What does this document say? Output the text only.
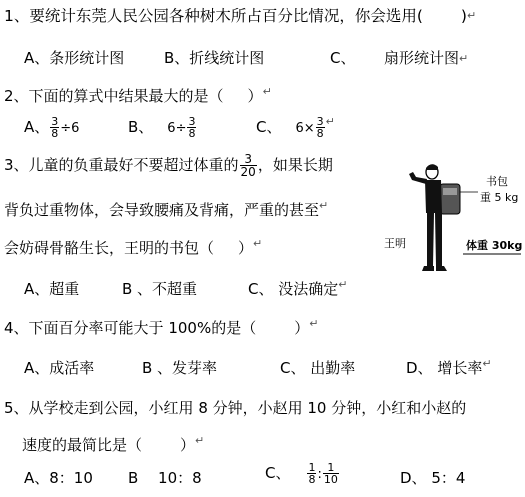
1、要统计东莞人民公园各种树木所占百分比情况，你会选用( )↵
A、条形统计图	B、折线统计图	C、 扇形统计图↵
2、下面的算式中结果最大的是（ ） ↵
A、 $\frac{3}{8} \div 6$	B、 $6\div \frac{3}{8}$	C、 $6\times \frac{3}{8}$ ↵
3、儿童的负重最好不要超过体重的 $\frac{3}{20}$ ，如果长期
背负过重物体，会导致腰痛及背痛，严重的甚至 ↵
会妨碍骨骼生长，王明的书包（ ） ↵
A、超重	B 、不超重	C、 没法确定 ↵
书包
重 5 kg
王明	体重 30kg
4、下面百分率可能大于 100%的是（	） ↵
A、成活率	B 、发芽率	C、 出勤率	D、 增长率 ↵
5、从学校走到公园，小红用 8 分钟，小赵用 10 分钟，小红和小赵的
速度的最简比是（	） ↵
A、8：10 B　 10：8	C、 $\frac{1}{8}$ : $\frac{1}{10}$	D、 5：4
